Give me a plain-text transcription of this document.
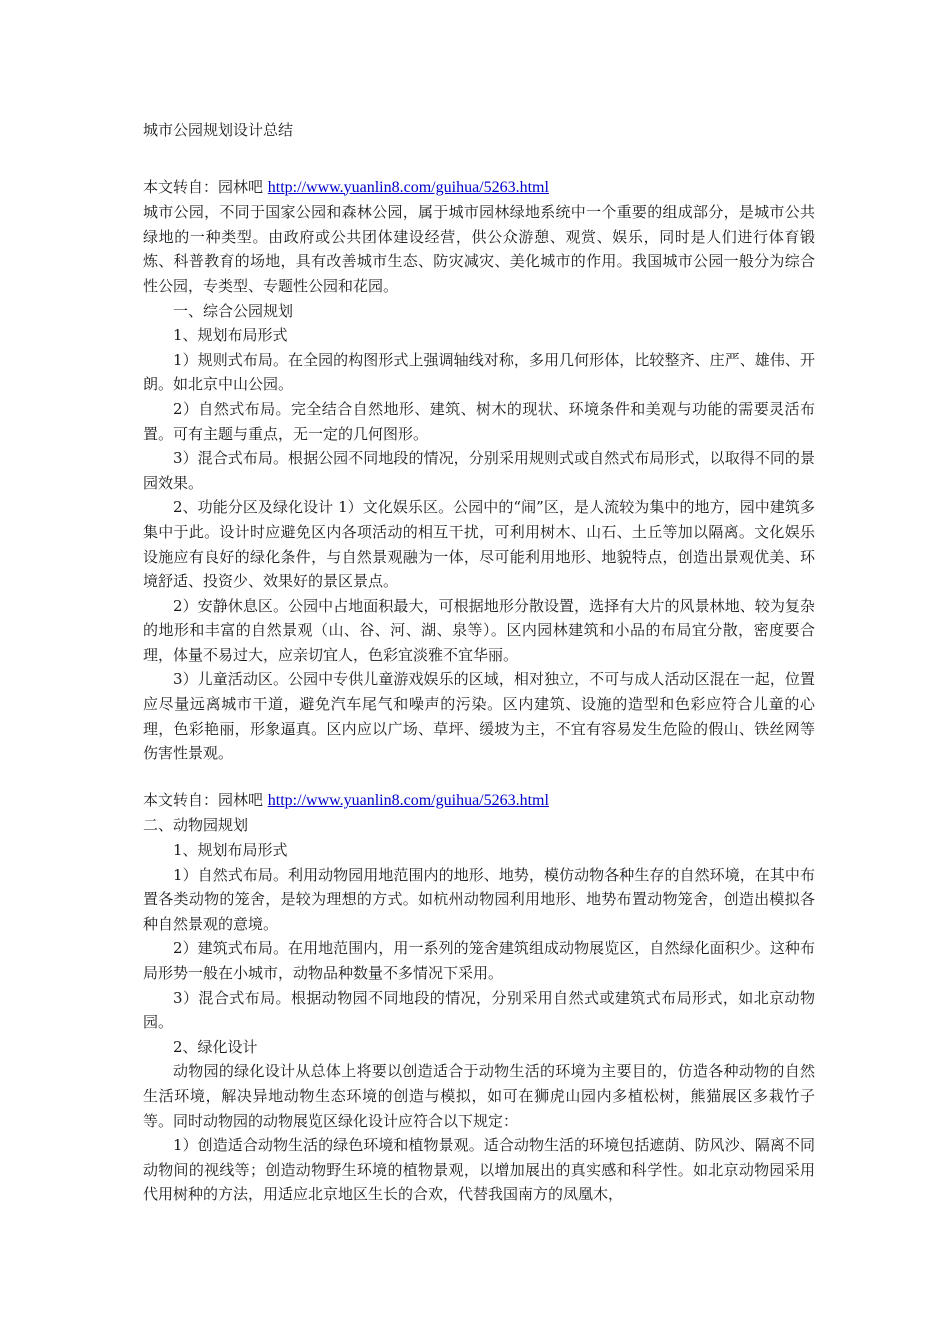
城市公园规划设计总结

本文转自：园林吧 http://www.yuanlin8.com/guihua/5263.html

城市公园，不同于国家公园和森林公园，属于城市园林绿地系统中一个重要的组成部分，是城市公共绿地的一种类型。由政府或公共团体建设经营，供公众游憩、观赏、娱乐，同时是人们进行体育锻炼、科普教育的场地，具有改善城市生态、防灾减灾、美化城市的作用。我国城市公园一般分为综合性公园，专类型、专题性公园和花园。

一、综合公园规划

1、规划布局形式

1）规则式布局。在全园的构图形式上强调轴线对称，多用几何形体，比较整齐、庄严、雄伟、开朗。如北京中山公园。

2）自然式布局。完全结合自然地形、建筑、树木的现状、环境条件和美观与功能的需要灵活布置。可有主题与重点，无一定的几何图形。

3）混合式布局。根据公园不同地段的情况，分别采用规则式或自然式布局形式，以取得不同的景园效果。

2、功能分区及绿化设计 1）文化娱乐区。公园中的“闹”区，是人流较为集中的地方，园中建筑多集中于此。设计时应避免区内各项活动的相互干扰，可利用树木、山石、土丘等加以隔离。文化娱乐设施应有良好的绿化条件，与自然景观融为一体，尽可能利用地形、地貌特点，创造出景观优美、环境舒适、投资少、效果好的景区景点。

2）安静休息区。公园中占地面积最大，可根据地形分散设置，选择有大片的风景林地、较为复杂的地形和丰富的自然景观（山、谷、河、湖、泉等）。区内园林建筑和小品的布局宜分散，密度要合理，体量不易过大，应亲切宜人，色彩宜淡雅不宜华丽。

3）儿童活动区。公园中专供儿童游戏娱乐的区域，相对独立，不可与成人活动区混在一起，位置应尽量远离城市干道，避免汽车尾气和噪声的污染。区内建筑、设施的造型和色彩应符合儿童的心理，色彩艳丽，形象逼真。区内应以广场、草坪、缓坡为主，不宜有容易发生危险的假山、铁丝网等伤害性景观。

本文转自：园林吧 http://www.yuanlin8.com/guihua/5263.html

二、动物园规划

1、规划布局形式

1）自然式布局。利用动物园用地范围内的地形、地势，模仿动物各种生存的自然环境，在其中布置各类动物的笼舍，是较为理想的方式。如杭州动物园利用地形、地势布置动物笼舍，创造出模拟各种自然景观的意境。

2）建筑式布局。在用地范围内，用一系列的笼舍建筑组成动物展览区，自然绿化面积少。这种布局形势一般在小城市，动物品种数量不多情况下采用。

3）混合式布局。根据动物园不同地段的情况，分别采用自然式或建筑式布局形式，如北京动物园。

2、绿化设计

动物园的绿化设计从总体上将要以创造适合于动物生活的环境为主要目的，仿造各种动物的自然生活环境，解决异地动物生态环境的创造与模拟，如可在狮虎山园内多植松树，熊猫展区多栽竹子等。同时动物园的动物展览区绿化设计应符合以下规定：

1）创造适合动物生活的绿色环境和植物景观。适合动物生活的环境包括遮荫、防风沙、隔离不同动物间的视线等；创造动物野生环境的植物景观，以增加展出的真实感和科学性。如北京动物园采用代用树种的方法，用适应北京地区生长的合欢，代替我国南方的凤凰木，
